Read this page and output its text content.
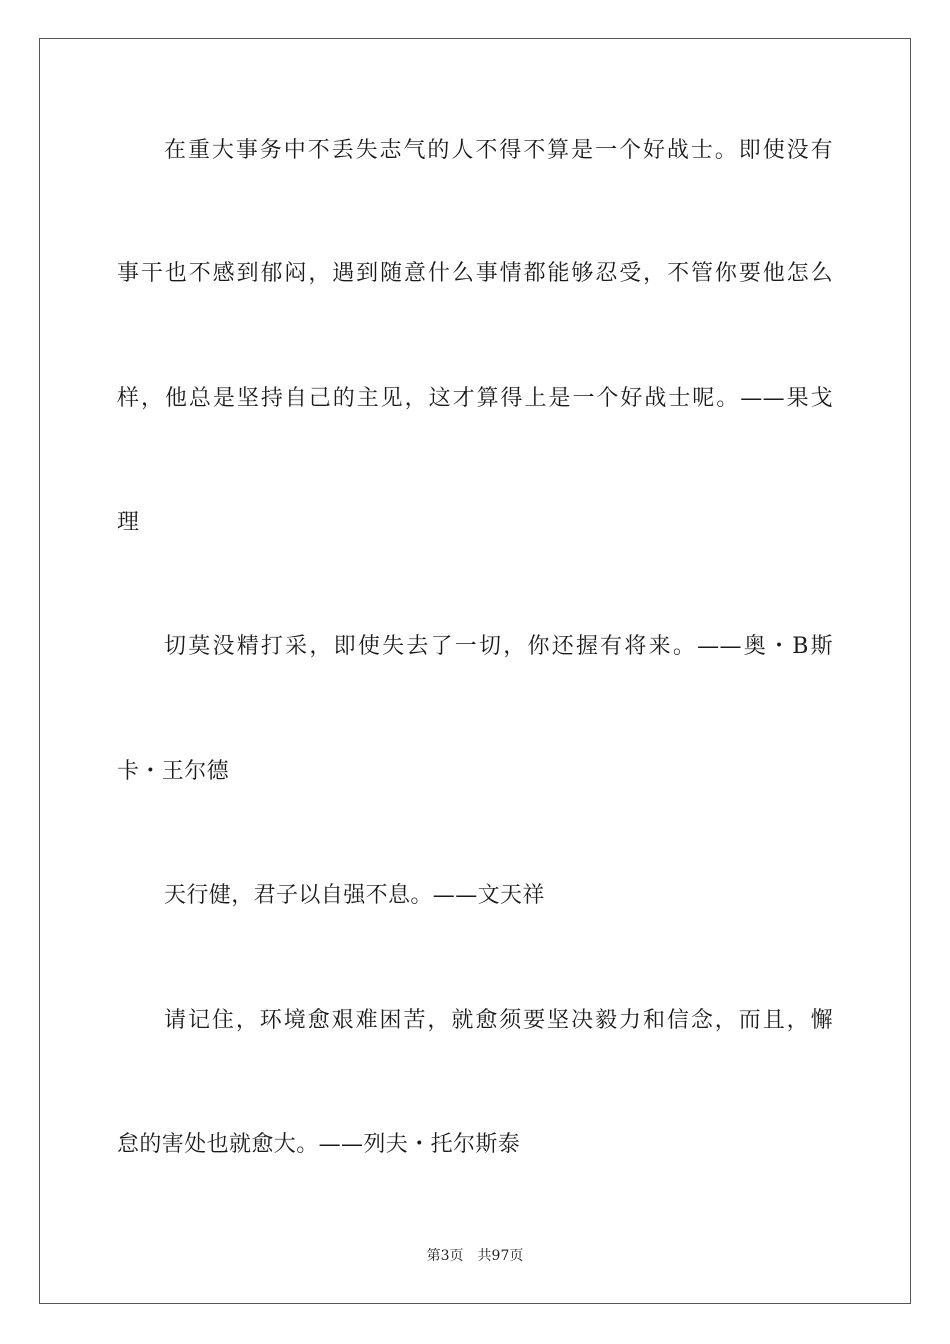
在重大事务中不丢失志气的人不得不算是一个好战士。即使没有
事干也不感到郁闷，遇到随意什么事情都能够忍受，不管你要他怎么
样，他总是坚持自己的主见，这才算得上是一个好战士呢。——果戈
理
切莫没精打采，即使失去了一切，你还握有将来。——奥・B斯
卡・王尔德
天行健，君子以自强不息。——文天祥
请记住，环境愈艰难困苦，就愈须要坚决毅力和信念，而且，懈
怠的害处也就愈大。——列夫・托尔斯泰
第3页 共97页
